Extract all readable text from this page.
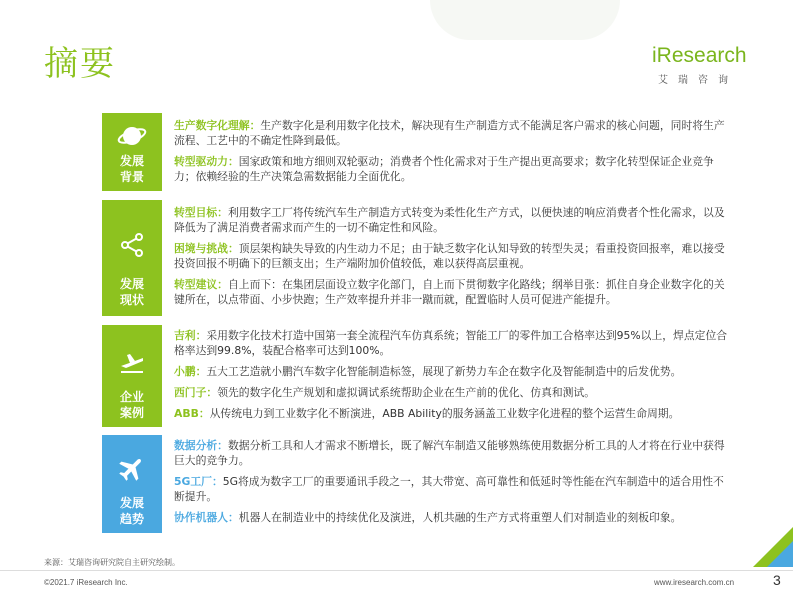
摘要	iResearch
艾瑞咨询
发展
背景

生产数字化理解：生产数字化是利用数字化技术，解决现有生产制造方式不能满足客户需求的核心问题，同时将生产流程、工艺中的不确定性降到最低。

转型驱动力：国家政策和地方细则双轮驱动；消费者个性化需求对于生产提出更高要求；数字化转型保证企业竞争力；依赖经验的生产决策急需数据能力全面优化。

发展
现状

转型目标：利用数字工厂将传统汽车生产制造方式转变为柔性化生产方式，以便快速的响应消费者个性化需求，以及降低为了满足消费者需求而产生的一切不确定性和风险。

困境与挑战：顶层架构缺失导致的内生动力不足；由于缺乏数字化认知导致的转型失灵；看重投资回报率，难以接受投资回报不明确下的巨额支出；生产端附加价值较低，难以获得高层重视。

转型建议：自上而下：在集团层面设立数字化部门，自上而下贯彻数字化路线；纲举目张：抓住自身企业数字化的关键所在，以点带面、小步快跑；生产效率提升并非一蹴而就，配置临时人员可促进产能提升。

企业
案例

吉利：采用数字化技术打造中国第一套全流程汽车仿真系统；智能工厂的零件加工合格率达到95%以上，焊点定位合格率达到99.8%，装配合格率可达到100%。

小鹏：五大工艺造就小鹏汽车数字化智能制造标签，展现了新势力车企在数字化及智能制造中的后发优势。

西门子：领先的数字化生产规划和虚拟调试系统帮助企业在生产前的优化、仿真和测试。

ABB：从传统电力到工业数字化不断演进，ABB Ability的服务涵盖工业数字化进程的整个运营生命周期。

发展
趋势

数据分析：数据分析工具和人才需求不断增长，既了解汽车制造又能够熟练使用数据分析工具的人才将在行业中获得巨大的竞争力。

5G工厂：5G将成为数字工厂的重要通讯手段之一，其大带宽、高可靠性和低延时等性能在汽车制造中的适合用性不断提升。

协作机器人：机器人在制造业中的持续优化及演进，人机共融的生产方式将重塑人们对制造业的刻板印象。

来源：艾瑞咨询研究院自主研究绘制。
©2021.7 iResearch Inc.	www.iresearch.com.cn	3
